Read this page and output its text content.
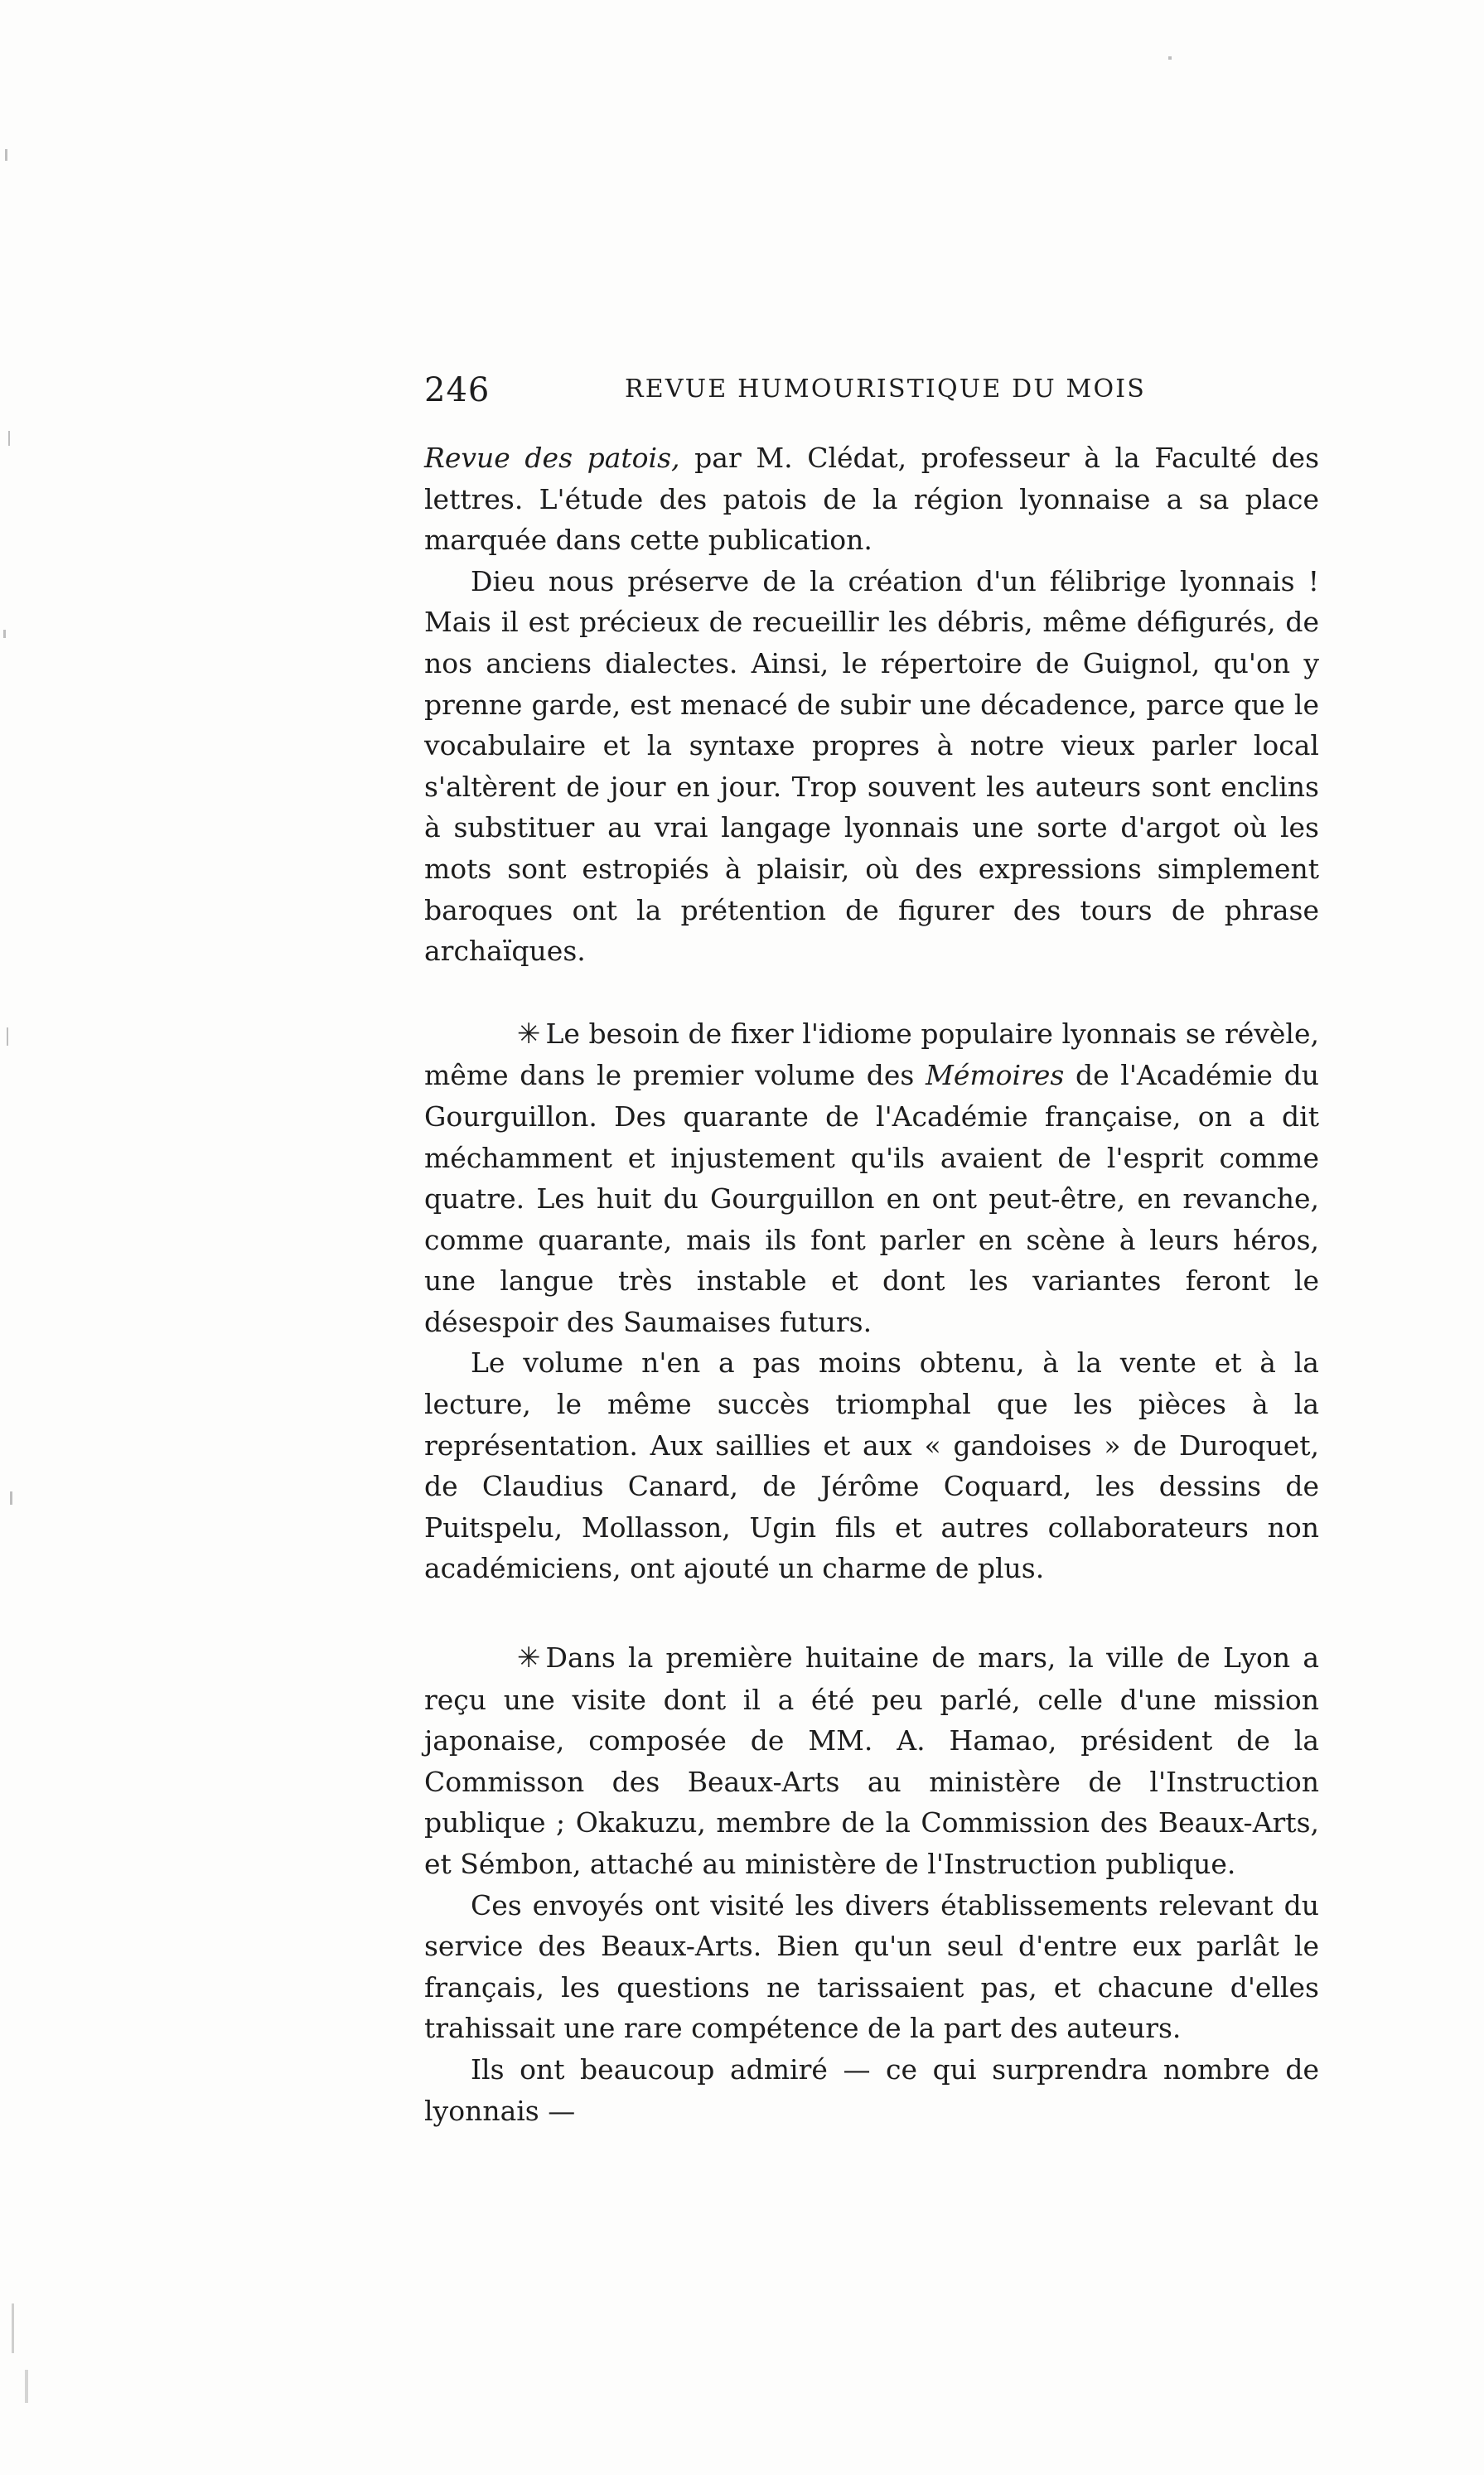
246	REVUE HUMOURISTIQUE DU MOIS

Revue des patois, par M. Clédat, professeur à la Faculté des lettres. L'étude des patois de la région lyonnaise a sa place marquée dans cette publication.

Dieu nous préserve de la création d'un félibrige lyonnais ! Mais il est précieux de recueillir les débris, même défigurés, de nos anciens dialectes. Ainsi, le répertoire de Guignol, qu'on y prenne garde, est menacé de subir une décadence, parce que le vocabulaire et la syntaxe propres à notre vieux parler local s'altèrent de jour en jour. Trop souvent les auteurs sont enclins à substituer au vrai langage lyonnais une sorte d'argot où les mots sont estropiés à plaisir, où des expressions simplement baroques ont la prétention de figurer des tours de phrase archaïques.

✳ Le besoin de fixer l'idiome populaire lyonnais se révèle, même dans le premier volume des Mémoires de l'Académie du Gourguillon. Des quarante de l'Académie française, on a dit méchamment et injustement qu'ils avaient de l'esprit comme quatre. Les huit du Gourguillon en ont peut-être, en revanche, comme quarante, mais ils font parler en scène à leurs héros, une langue très instable et dont les variantes feront le désespoir des Saumaises futurs.

Le volume n'en a pas moins obtenu, à la vente et à la lecture, le même succès triomphal que les pièces à la représentation. Aux saillies et aux « gandoises » de Duroquet, de Claudius Canard, de Jérôme Coquard, les dessins de Puitspelu, Mollasson, Ugin fils et autres collaborateurs non académiciens, ont ajouté un charme de plus.

✳ Dans la première huitaine de mars, la ville de Lyon a reçu une visite dont il a été peu parlé, celle d'une mission japonaise, composée de MM. A. Hamao, président de la Commisson des Beaux-Arts au ministère de l'Instruction publique ; Okakuzu, membre de la Commission des Beaux-Arts, et Sémbon, attaché au ministère de l'Instruction publique.

Ces envoyés ont visité les divers établissements relevant du service des Beaux-Arts. Bien qu'un seul d'entre eux parlât le français, les questions ne tarissaient pas, et chacune d'elles trahissait une rare compétence de la part des auteurs.

Ils ont beaucoup admiré — ce qui surprendra nombre de lyonnais —
